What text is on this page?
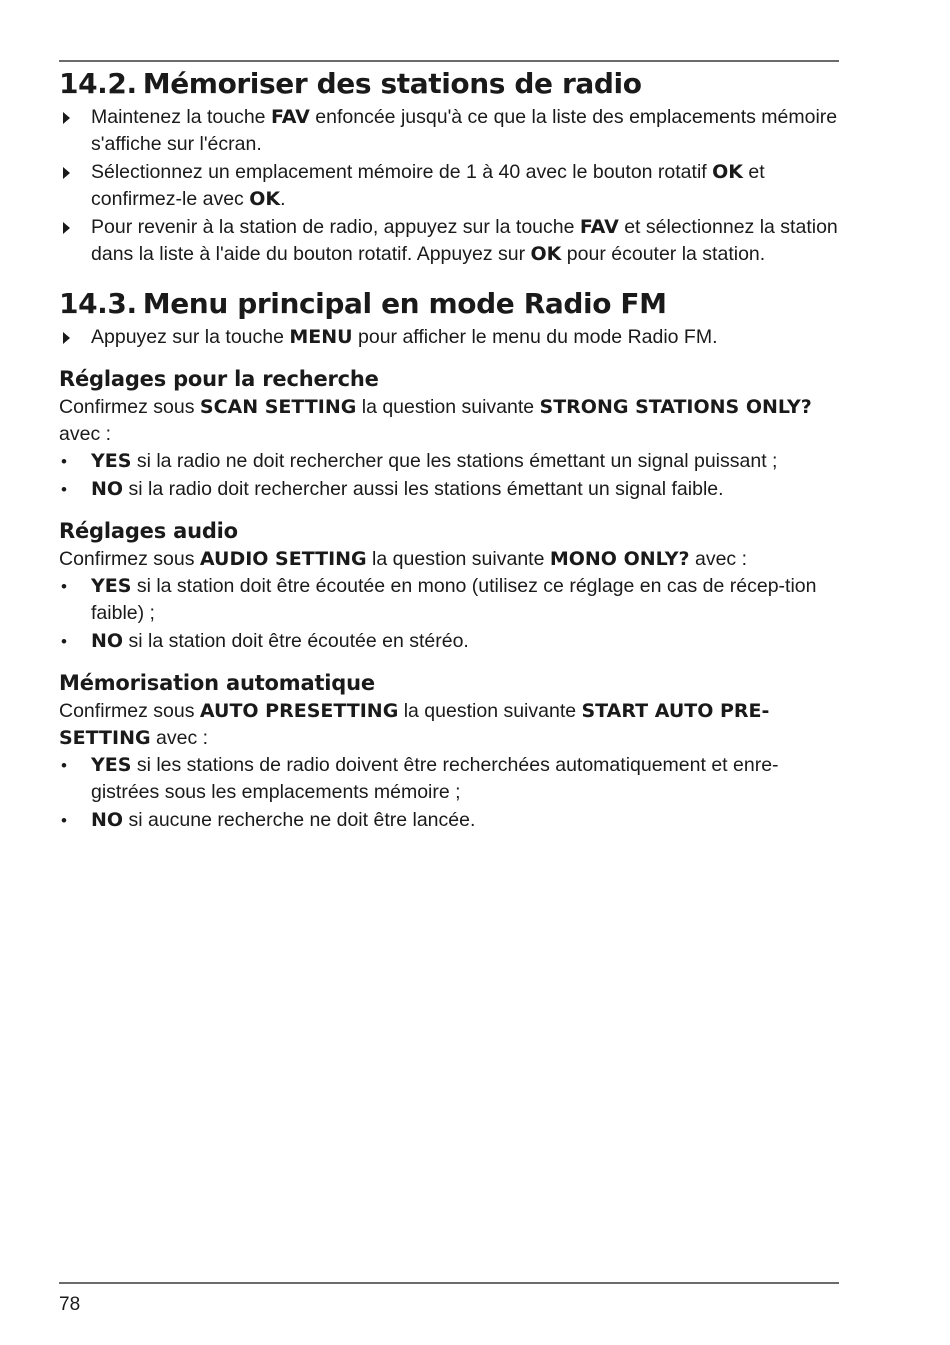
14.2. Mémoriser des stations de radio
Maintenez la touche FAV enfoncée jusqu'à ce que la liste des emplacements mémoire s'affiche sur l'écran.
Sélectionnez un emplacement mémoire de 1 à 40 avec le bouton rotatif OK et confirmez-le avec OK.
Pour revenir à la station de radio, appuyez sur la touche FAV et sélectionnez la station dans la liste à l'aide du bouton rotatif. Appuyez sur OK pour écouter la station.
14.3. Menu principal en mode Radio FM
Appuyez sur la touche MENU pour afficher le menu du mode Radio FM.
Réglages pour la recherche

Confirmez sous SCAN SETTING la question suivante STRONG STATIONS ONLY? avec :

• YES si la radio ne doit rechercher que les stations émettant un signal puissant ;
• NO si la radio doit rechercher aussi les stations émettant un signal faible.
Réglages audio

Confirmez sous AUDIO SETTING la question suivante MONO ONLY? avec :

• YES si la station doit être écoutée en mono (utilisez ce réglage en cas de récep-tion faible) ;
• NO si la station doit être écoutée en stéréo.
Mémorisation automatique

Confirmez sous AUTO PRESETTING la question suivante START AUTO PRE-SETTING avec :

• YES si les stations de radio doivent être recherchées automatiquement et enre-gistrées sous les emplacements mémoire ;
• NO si aucune recherche ne doit être lancée.
78
